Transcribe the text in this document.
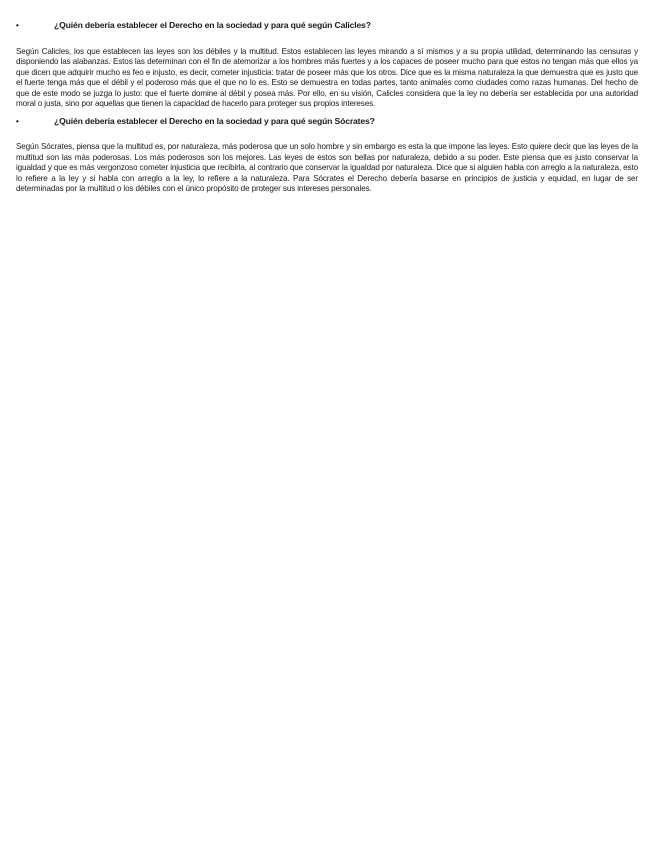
•	¿Quién debería establecer el Derecho en la sociedad y para qué según Calicles?

Según Calicles, los que establecen las leyes son los débiles y la multitud. Estos establecen las leyes mirando a sí mismos y a su propia utilidad, determinando las censuras y disponiendo las alabanzas. Estos las determinan con el fin de atemorizar a los hombres más fuertes y a los capaces de poseer mucho para que estos no tengan más que ellos ya que dicen que adquirir mucho es feo e injusto, es decir, cometer injusticia: tratar de poseer más que los otros. Dice que es la misma naturaleza la que demuestra que es justo que el fuerte tenga más que el débil y el poderoso más que el que no lo es. Esto se demuestra en todas partes, tanto animales como ciudades como razas humanas. Del hecho de que de este modo se juzga lo justo: que el fuerte domine al débil y posea más. Por ello, en su visión, Calicles considera que la ley no debería ser establecida por una autoridad moral o justa, sino por aquellas que tienen la capacidad de hacerlo para proteger sus propios intereses.

•	¿Quién debería establecer el Derecho en la sociedad y para qué según Sócrates?

Según Sócrates, piensa que la multitud es, por naturaleza, más poderosa que un solo hombre y sin embargo es esta la que impone las leyes. Esto quiere decir que las leyes de la multitud son las más poderosas. Los más poderosos son los mejores. Las leyes de estos son bellas por naturaleza, debido a su poder. Este piensa que es justo conservar la igualdad y que es más vergonzoso cometer injusticia que recibirla, al contrario que conservar la igualdad por naturaleza. Dice que si alguien habla con arreglo a la naturaleza, esto lo refiere a la ley y si habla con arreglo a la ley, lo refiere a la naturaleza. Para Sócrates el Derecho debería basarse en principios de justicia y equidad, en lugar de ser determinadas por la multitud o los débiles con el único propósito de proteger sus intereses personales.
